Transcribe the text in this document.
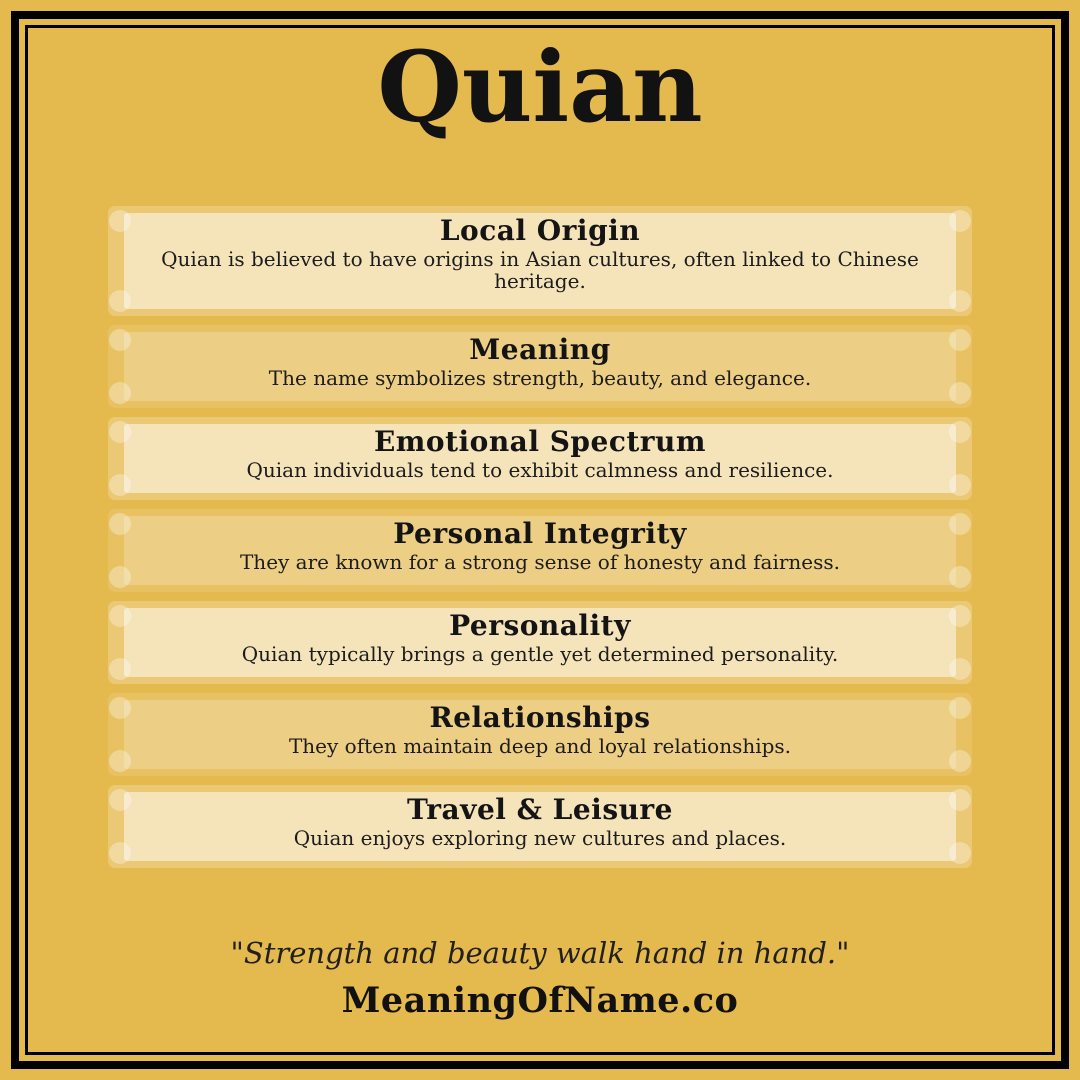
Quian
Local Origin
Quian is believed to have origins in Asian cultures, often linked to Chinese heritage.
Meaning
The name symbolizes strength, beauty, and elegance.
Emotional Spectrum
Quian individuals tend to exhibit calmness and resilience.
Personal Integrity
They are known for a strong sense of honesty and fairness.
Personality
Quian typically brings a gentle yet determined personality.
Relationships
They often maintain deep and loyal relationships.
Travel & Leisure
Quian enjoys exploring new cultures and places.
"Strength and beauty walk hand in hand."
MeaningOfName.co
